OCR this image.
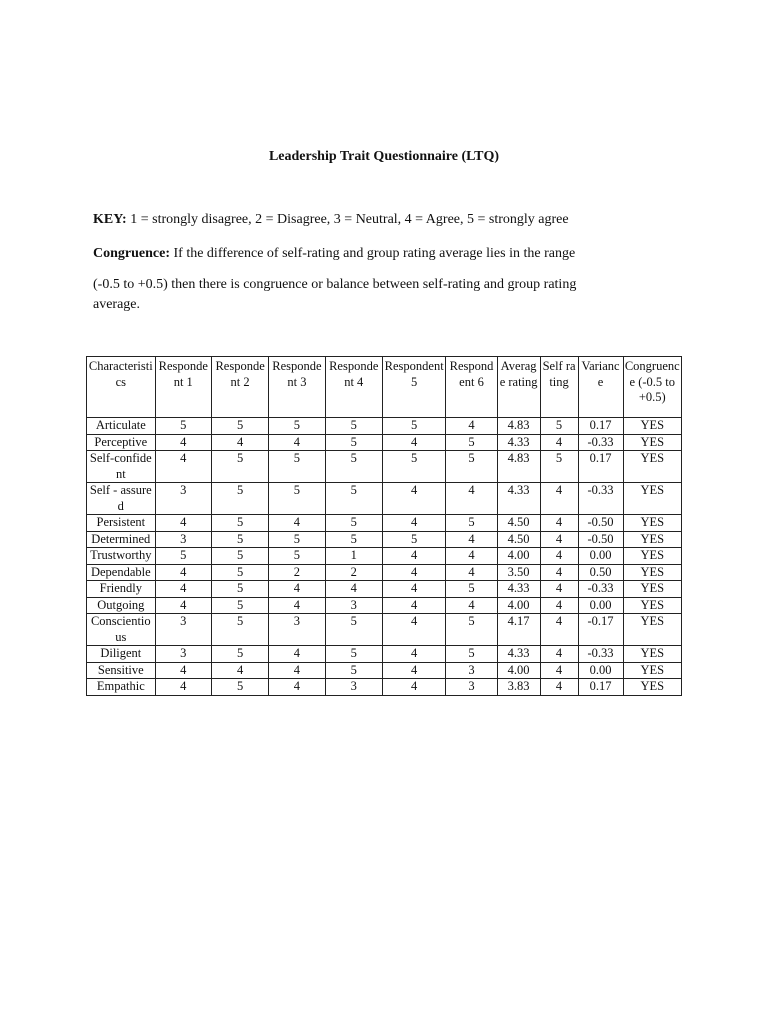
Leadership Trait Questionnaire (LTQ)
KEY: 1 = strongly disagree, 2 = Disagree, 3 = Neutral, 4 = Agree, 5 = strongly agree
Congruence: If the difference of self-rating and group rating average lies in the range
(-0.5 to +0.5) then there is congruence or balance between self-rating and group rating
average.
Characteristics	Respondent 1	Respondent 2	Respondent 3	Respondent 4	Respondent5	Respondent 6	Average rating	Self rating	Variance	Congruence (-0.5 to +0.5)
Articulate	5	5	5	5	5	4	4.83	5	0.17	YES
Perceptive	4	4	4	5	4	5	4.33	4	-0.33	YES
Self-confident	4	5	5	5	5	5	4.83	5	0.17	YES
Self - assured	3	5	5	5	4	4	4.33	4	-0.33	YES
Persistent	4	5	4	5	4	5	4.50	4	-0.50	YES
Determined	3	5	5	5	5	4	4.50	4	-0.50	YES
Trustworthy	5	5	5	1	4	4	4.00	4	0.00	YES
Dependable	4	5	2	2	4	4	3.50	4	0.50	YES
Friendly	4	5	4	4	4	5	4.33	4	-0.33	YES
Outgoing	4	5	4	3	4	4	4.00	4	0.00	YES
Conscientious	3	5	3	5	4	5	4.17	4	-0.17	YES
Diligent	3	5	4	5	4	5	4.33	4	-0.33	YES
Sensitive	4	4	4	5	4	3	4.00	4	0.00	YES
Empathic	4	5	4	3	4	3	3.83	4	0.17	YES
